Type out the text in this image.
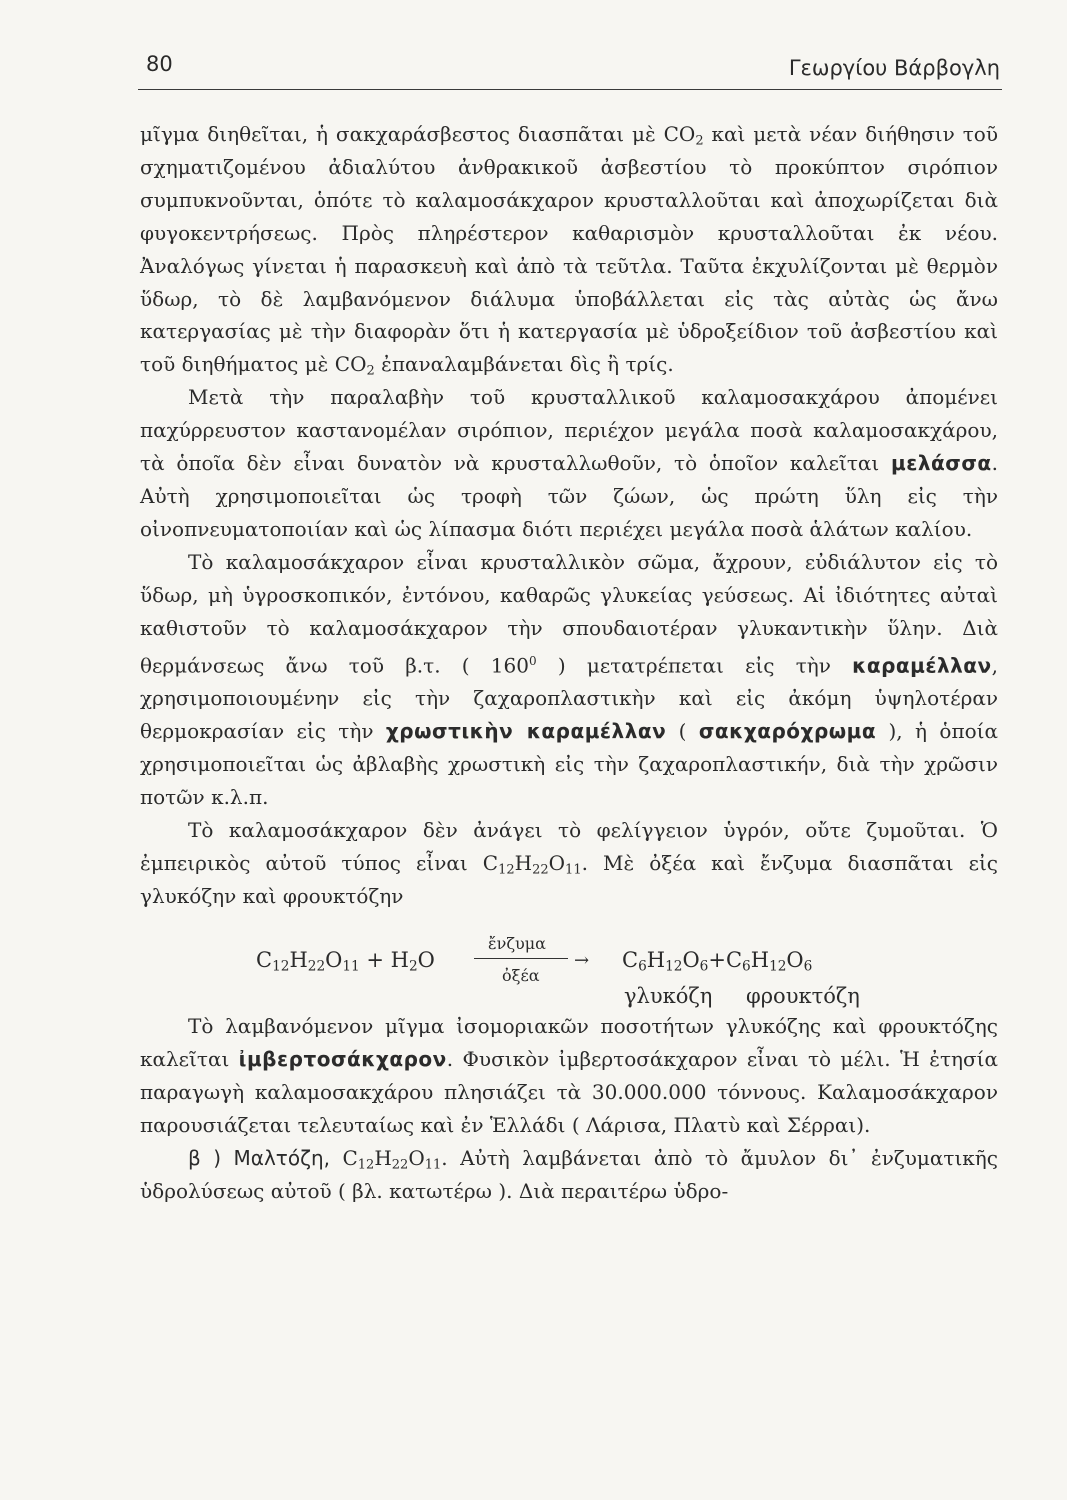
80	Γεωργίου Βάρβογλη

μῖγμα διηθεῖται, ἡ σακχαράσβεστος διασπᾶται μὲ $CO_2$ καὶ μετὰ νέαν διήθησιν τοῦ σχηματιζομένου ἀδιαλύτου ἀνθρακικοῦ ἀσβεστίου τὸ προκύπτον σιρόπιον συμπυκνοῦνται, ὁπότε τὸ καλαμοσάκχαρον κρυσταλλοῦται καὶ ἀποχωρίζεται διὰ φυγοκεντρήσεως. Πρὸς πληρέστερον καθαρισμὸν κρυσταλλοῦται ἐκ νέου. Ἀναλόγως γίνεται ἡ παρασκευὴ καὶ ἀπὸ τὰ τεῦτλα. Ταῦτα ἐκχυλίζονται μὲ θερμὸν ὕδωρ, τὸ δὲ λαμβανόμενον διάλυμα ὑποβάλλεται εἰς τὰς αὐτὰς ὡς ἄνω κατεργασίας μὲ τὴν διαφορὰν ὅτι ἡ κατεργασία μὲ ὑδροξείδιον τοῦ ἀσβεστίου καὶ τοῦ διηθήματος μὲ $CO_2$ ἐπαναλαμβάνεται δὶς ἢ τρίς.

Μετὰ τὴν παραλαβὴν τοῦ κρυσταλλικοῦ καλαμοσακχάρου ἀπομένει παχύρρευστον καστανομέλαν σιρόπιον, περιέχον μεγάλα ποσὰ καλαμοσακχάρου, τὰ ὁποῖα δὲν εἶναι δυνατὸν νὰ κρυσταλλωθοῦν, τὸ ὁποῖον καλεῖται μελάσσα. Αὐτὴ χρησιμοποιεῖται ὡς τροφὴ τῶν ζώων, ὡς πρώτη ὕλη εἰς τὴν οἰνοπνευματοποιίαν καὶ ὡς λίπασμα διότι περιέχει μεγάλα ποσὰ ἁλάτων καλίου.

Τὸ καλαμοσάκχαρον εἶναι κρυσταλλικὸν σῶμα, ἄχρουν, εὐδιάλυτον εἰς τὸ ὕδωρ, μὴ ὑγροσκοπικόν, ἐντόνου, καθαρῶς γλυκείας γεύσεως. Αἱ ἰδιότητες αὐταὶ καθιστοῦν τὸ καλαμοσάκχαρον τὴν σπουδαιοτέραν γλυκαντικὴν ὕλην. Διὰ θερμάνσεως ἄνω τοῦ β.τ. ( $160^0$ ) μετατρέπεται εἰς τὴν καραμέλλαν, χρησιμοποιουμένην εἰς τὴν ζαχαροπλαστικὴν καὶ εἰς ἀκόμη ὑψηλοτέραν θερμοκρασίαν εἰς τὴν χρωστικὴν καραμέλλαν ( σακχαρόχρωμα ), ἡ ὁποία χρησιμοποιεῖται ὡς ἀβλαβὴς χρωστικὴ εἰς τὴν ζαχαροπλαστικήν, διὰ τὴν χρῶσιν ποτῶν κ.λ.π.

Τὸ καλαμοσάκχαρον δὲν ἀνάγει τὸ φελίγγειον ὑγρόν, οὔτε ζυμοῦται. Ὁ ἐμπειρικὸς αὐτοῦ τύπος εἶναι $C_{12}H_{22}O_{11}$. Μὲ ὀξέα καὶ ἔνζυμα διασπᾶται εἰς γλυκόζην καὶ φρουκτόζην

$C_{12}H_{22}O_{11} + H_2O$
ἔνζυμα
ὀξέα
→ $C_6H_{12}O_6+C_6H_{12}O_6$
γλυκόζη φρουκτόζη

Τὸ λαμβανόμενον μῖγμα ἰσομοριακῶν ποσοτήτων γλυκόζης καὶ φρουκτόζης καλεῖται ἰμβερτοσάκχαρον. Φυσικὸν ἰμβερτοσάκχαρον εἶναι τὸ μέλι. Ἡ ἐτησία παραγωγὴ καλαμοσακχάρου πλησιάζει τὰ 30.000.000 τόννους. Καλαμοσάκχαρον παρουσιάζεται τελευταίως καὶ ἐν Ἑλλάδι ( Λάρισα, Πλατὺ καὶ Σέρραι).

β ) Μαλτόζη, $C_{12}H_{22}O_{11}$. Αὐτὴ λαμβάνεται ἀπὸ τὸ ἄμυλον δι᾽ ἐνζυματικῆς ὑδρολύσεως αὐτοῦ ( βλ. κατωτέρω ). Διὰ περαιτέρω ὑδρο-
